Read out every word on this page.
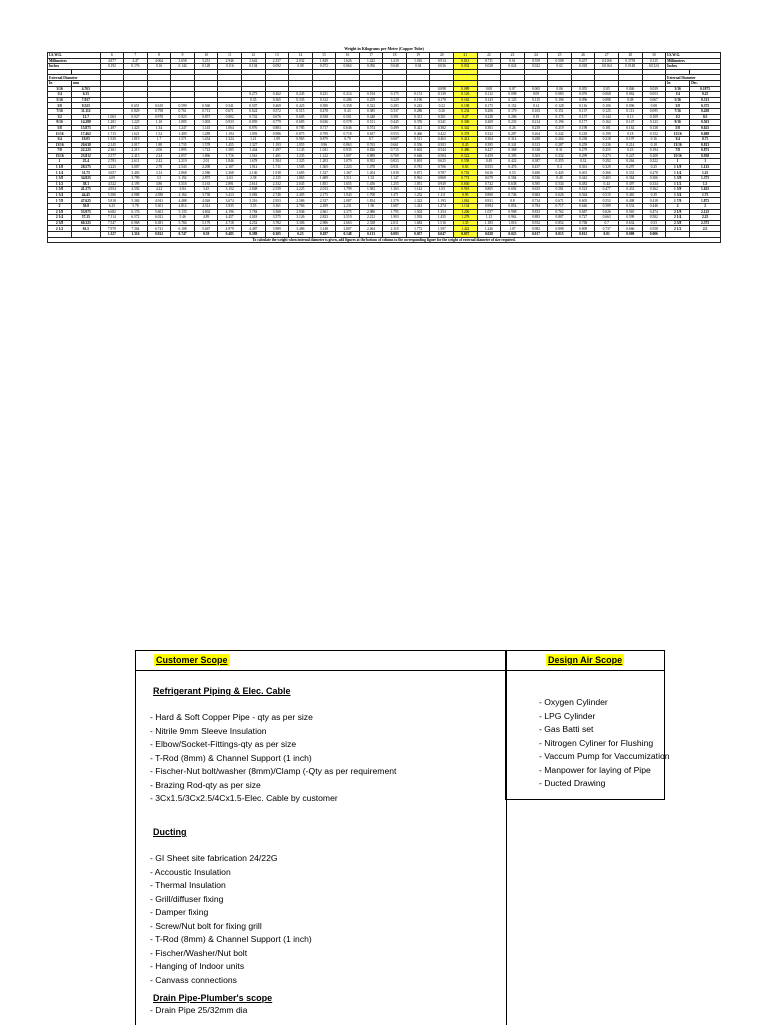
Weight in Kilograms per Metre (Copper Tube)
I.S.W.G.		6	7	8	9	10	11	12	13	14	15	16	17	18	19	20	21	22	23	24	25	26	27	28	30	I.S.W.G.	
Millimeters		4.877	4.47	4.064	3.658	3.251	2.946	2.642	2.337	2.032	1.829	1.626	1.422	1.219	1.016	0.914	0.813	0.711	0.61	0.559	0.508	0.457	0.4166	0.3759	0.315	Millimeters	
Inches		0.192	0.176	0.16	0.144	0.128	0.116	0.104	0.092	0.08	0.072	0.064	0.056	0.048	0.04	0.036	0.032	0.028	0.024	0.022	0.02	0.018	0.0164	0.0148	0.0124	Inches	

External Diameter																										External Diameter	
In	mm																									In	Dec.
3/16	4.763															0.098	0.089	0.08	0.07	0.065	0.06	0.055	0.05	0.046	0.039	3/16	0.1875
1/4	6.35							0.273	0.262	0.245	0.231	0.214	0.194	0.175	0.151	0.139	0.126	0.112	0.098	0.09	0.083	0.076	0.068	0.062	0.053	1/4	0.25
5/16	7.937							0.35	0.365	0.335	0.312	0.286	0.259	0.229	0.196	0.178	0.162	0.143	0.125	0.115	0.106	0.096	0.088	0.08	0.067	5/16	0.313
3/8	9.525		0.651	0.619	0.599	0.560	0.541	0.507	0.469	0.425	0.390	0.358	0.322	0.283	0.243	0.22	0.198	0.175	0.152	0.14	0.128	0.116	0.106	0.096	0.08	3/8	0.375
7/16	11.112		0.829	0.798	0.761	0.713	0.671	0.624	0.572	0.515	0.478	0.43	0.385	0.337	0.286	0.26	0.234	0.206	0.179	0.165	0.151	0.137	0.125	0.113	0.095	7/16	0.438
1/2	12.7	1.063	0.027	0.978	0.923	0.857	0.802	0.742	0.676	0.605	0.558	0.501	0.448	0.391	0.331	0.301	0.27	0.238	0.206	0.19	0.175	0.157	0.144	0.13	0.109	1/2	0.5
9/16	14.288	1.281	1.225	1.16	1.085	1.003	0.933	0.859	0.779	0.685	0.636	0.578	0.511	0.445	0.376	0.341	0.306	0.269	0.233	0.214	0.196	0.177	0.162	0.147	0.123	9/16	0.563
5/8	15.875	1.497	1.423	1.34	1.247	1.145	1.064	0.976	0.883	0.785	0.717	0.646	0.574	0.499	0.421	0.382	0.342	0.301	0.26	0.239	0.219	0.198	0.181	0.162	0.138	5/8	0.625
11/16	17.462	1.713	1.621	1.52	1.409	1.289	1.194	1.093	0.986	0.875	0.799	0.718	0.637	0.553	0.466	0.422	0.378	0.332	0.287	0.264	0.242	0.218	0.199	0.18	0.152	11/16	0.688
3/4	19.05	1.929	1.819	1.7	1.571	1.434	1.324	1.21	1.09	0.965	0.879	0.79	0.7	0.607	0.511	0.463	0.414	0.364	0.314	0.288	0.264	0.238	0.218	0.197	0.16	3/4	0.75
13/16	20.638	2.145	2.017	1.88	1.733	1.578	1.455	1.327	1.193	1.055	0.96	0.863	0.763	0.661	0.556	0.503	0.45	0.395	0.341	0.313	0.287	0.259	0.236	0.214	0.18	13/16	0.813
7/8	22.225	2.361	2.215	2.06	1.895	1.722	1.585	1.444	1.297	1.145	1.041	0.935	0.826	0.715	0.602	0.544	0.486	0.427	0.368	0.338	0.31	0.279	0.255	0.23	0.194	7/8	0.875
15/16	23.812	2.577	2.413	2.24	2.057	1.866	1.716	1.561	1.401	1.235	1.122	1.007	0.889	0.769	0.646	0.584	0.522	0.459	0.395	0.363	0.332	0.299	0.273	0.247	0.208	15/16	0.938
1	25.4	2.793	2.611	2.42	2.219	2.01	1.846	1.678	1.504	1.325	1.203	1.079	0.952	0.823	0.691	0.625	0.558	0.49	0.422	0.387	0.355	0.32	0.292	0.264	0.222	1	1
1 1/8	28.575	3.225	3.007	2.78	2.543	2.298	2.107	1.912	1.711	1.505	1.365	1.223	1.078	0.931	0.781	0.706	0.63	0.553	0.476	0.437	0.4	0.361	0.329	0.297	0.25	1 1/8	1.125
1 1/4	31.75	3.657	3.403	3.14	2.868	2.586	2.368	2.146	1.918	1.685	1.527	1.367	1.204	1.039	0.871	0.787	0.702	0.616	0.53	0.486	0.445	0.401	0.366	0.331	0.278	1 1/4	1.25
1 3/8	34.925	4.09	3.799	3.5	3.192	2.875	2.63	2.38	2.125	1.865	1.689	1.511	1.33	1.147	0.961	0.868	0.774	0.679	0.584	0.536	0.49	0.442	0.403	0.364	0.306	1 3/8	1.375
1 1/2	38.1	4.522	4.195	3.86	3.516	3.163	2.891	2.614	2.332	2.045	1.851	1.655	1.456	1.255	1.051	0.949	0.846	0.742	0.638	0.585	0.534	0.482	0.44	0.397	0.334	1 1/2	1.5
1 5/8	41.275	4.954	4.592	4.22	3.84	3.45	3.152	2.848	2.539	2.225	2.013	1.799	1.582	1.363	1.142	1.03	0.918	0.805	0.692	0.635	0.581	0.523	0.477	0.431	0.362	1 5/8	1.625
1 3/4	44.45	5.386	4.988	4.580	4.164	3.738	3.413	3.082	2.746	2.405	2.175	1.943	1.708	1.471	1.232	1.111	0.99	0.868	0.746	0.684	0.626	0.564	0.515	0.465	0.39	1 3/4	1.75
1 7/8	47.625	5.818	5.384	4.941	4.488	4.026	3.674	3.316	2.953	2.586	2.337	2.087	1.834	1.579	1.322	1.193	1.062	0.931	0.8	0.734	0.671	0.605	0.552	0.498	0.418	1 7/8	1.875
2	50.8	6.25	5.78	5.301	4.812	4.314	3.935	3.55	3.161	2.766	2.499	2.231	1.96	1.687	1.412	1.274	1.134	0.994	0.854	0.784	0.717	0.646	0.589	0.532	0.446	2	2
2 1/8	53.975	6.682	6.176	5.661	5.135	4.602	4.196	3.784	3.368	2.946	2.661	2.375	2.086	1.795	1.502	1.354	1.206	1.057	0.908	0.833	0.762	0.687	0.626	0.565	0.474	2 1/8	2.125
2 1/4	57.15	7.114	6.572	6.021	5.46	4.89	4.457	4.018	3.575	3.126	2.823	2.519	2.212	1.903	1.592	1.435	1.278	1.12	0.962	0.883	0.807	0.727	0.663	0.599	0.502	2 1/4	2.25
2 3/8	60.325	7.547	6.968	6.381	5.784	5.179	4.718	4.252	3.782	3.306	2.986	2.663	2.338	2.011	1.682	1.516	1.35	1.183	1.016	0.932	0.852	0.768	0.7	0.632	0.53	2 3/8	2.375
2 1/2	63.5	7.979	7.364	6.741	6.108	5.467	4.979	4.487	3.989	3.486	3.148	2.807	2.464	2.119	1.772	1.597	1.422	1.246	1.07	0.982	0.898	0.809	0.737	0.666	0.558	2 1/2	2.5
		1.327	1.316	0.922	0.747	0.59	0.485	0.389	0.305	0.23	0.187	0.148	0.113	0.083	0.057	0.047	0.037	0.028	0.023	0.017	0.015	0.012	0.01	0.008	0.006		
To calculate the weight when internal diameter is given, add figures at the bottom of column to the corresponding figure for the weight of external diameter of size required.																											
Customer Scope
Refrigerant Piping & Elec. Cable
- Hard & Soft Copper Pipe - qty as per size
- Nitrile 9mm Sleeve Insulation
- Elbow/Socket-Fittings-qty as per size
- T-Rod (8mm) & Channel Support (1 inch)
- Fischer-Nut bolt/washer (8mm)/Clamp (-Qty as per requirement
- Brazing Rod-qty as per size
- 3Cx1.5/3Cx2.5/4Cx1.5-Elec. Cable by customer
Ducting
- GI Sheet site fabrication 24/22G
- Accoustic Insulation
- Thermal Insulation
- Grill/diffuser fixing
- Damper fixing
- Screw/Nut bolt for fixing grill
- T-Rod (8mm) & Channel Support (1 inch)
- Fischer/Washer/Nut bolt
- Hanging of Indoor units
- Canvass connections
Drain Pipe-Plumber's scope
- Drain Pipe 25/32mm dia
Design Air Scope
- Oxygen Cylinder
- LPG Cylinder
- Gas Batti set
- Nitrogen Cyliner for Flushing
- Vaccum Pump for Vaccumization
- Manpower for laying of Pipe
- Ducted Drawing
